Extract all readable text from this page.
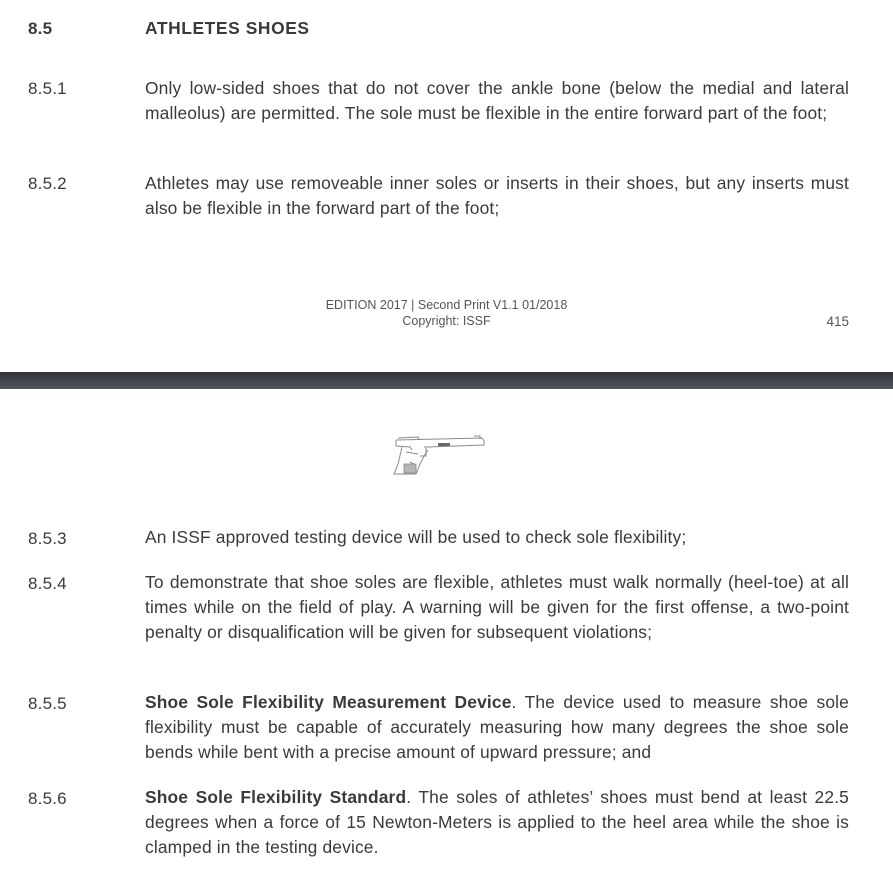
8.5	ATHLETES SHOES
8.5.1	Only low-sided shoes that do not cover the ankle bone (below the medial and lateral malleolus) are permitted. The sole must be flexible in the entire forward part of the foot;
8.5.2	Athletes may use removeable inner soles or inserts in their shoes, but any inserts must also be flexible in the forward part of the foot;
EDITION 2017 | Second Print V1.1 01/2018
Copyright: ISSF	415
8.5.3	An ISSF approved testing device will be used to check sole flexibility;
8.5.4	To demonstrate that shoe soles are flexible, athletes must walk normally (heel-toe) at all times while on the field of play. A warning will be given for the first offense, a two-point penalty or disqualification will be given for subsequent violations;
8.5.5	Shoe Sole Flexibility Measurement Device. The device used to measure shoe sole flexibility must be capable of accurately measuring how many degrees the shoe sole bends while bent with a precise amount of upward pressure; and
8.5.6	Shoe Sole Flexibility Standard. The soles of athletes’ shoes must bend at least 22.5 degrees when a force of 15 Newton-Meters is applied to the heel area while the shoe is clamped in the testing device.
